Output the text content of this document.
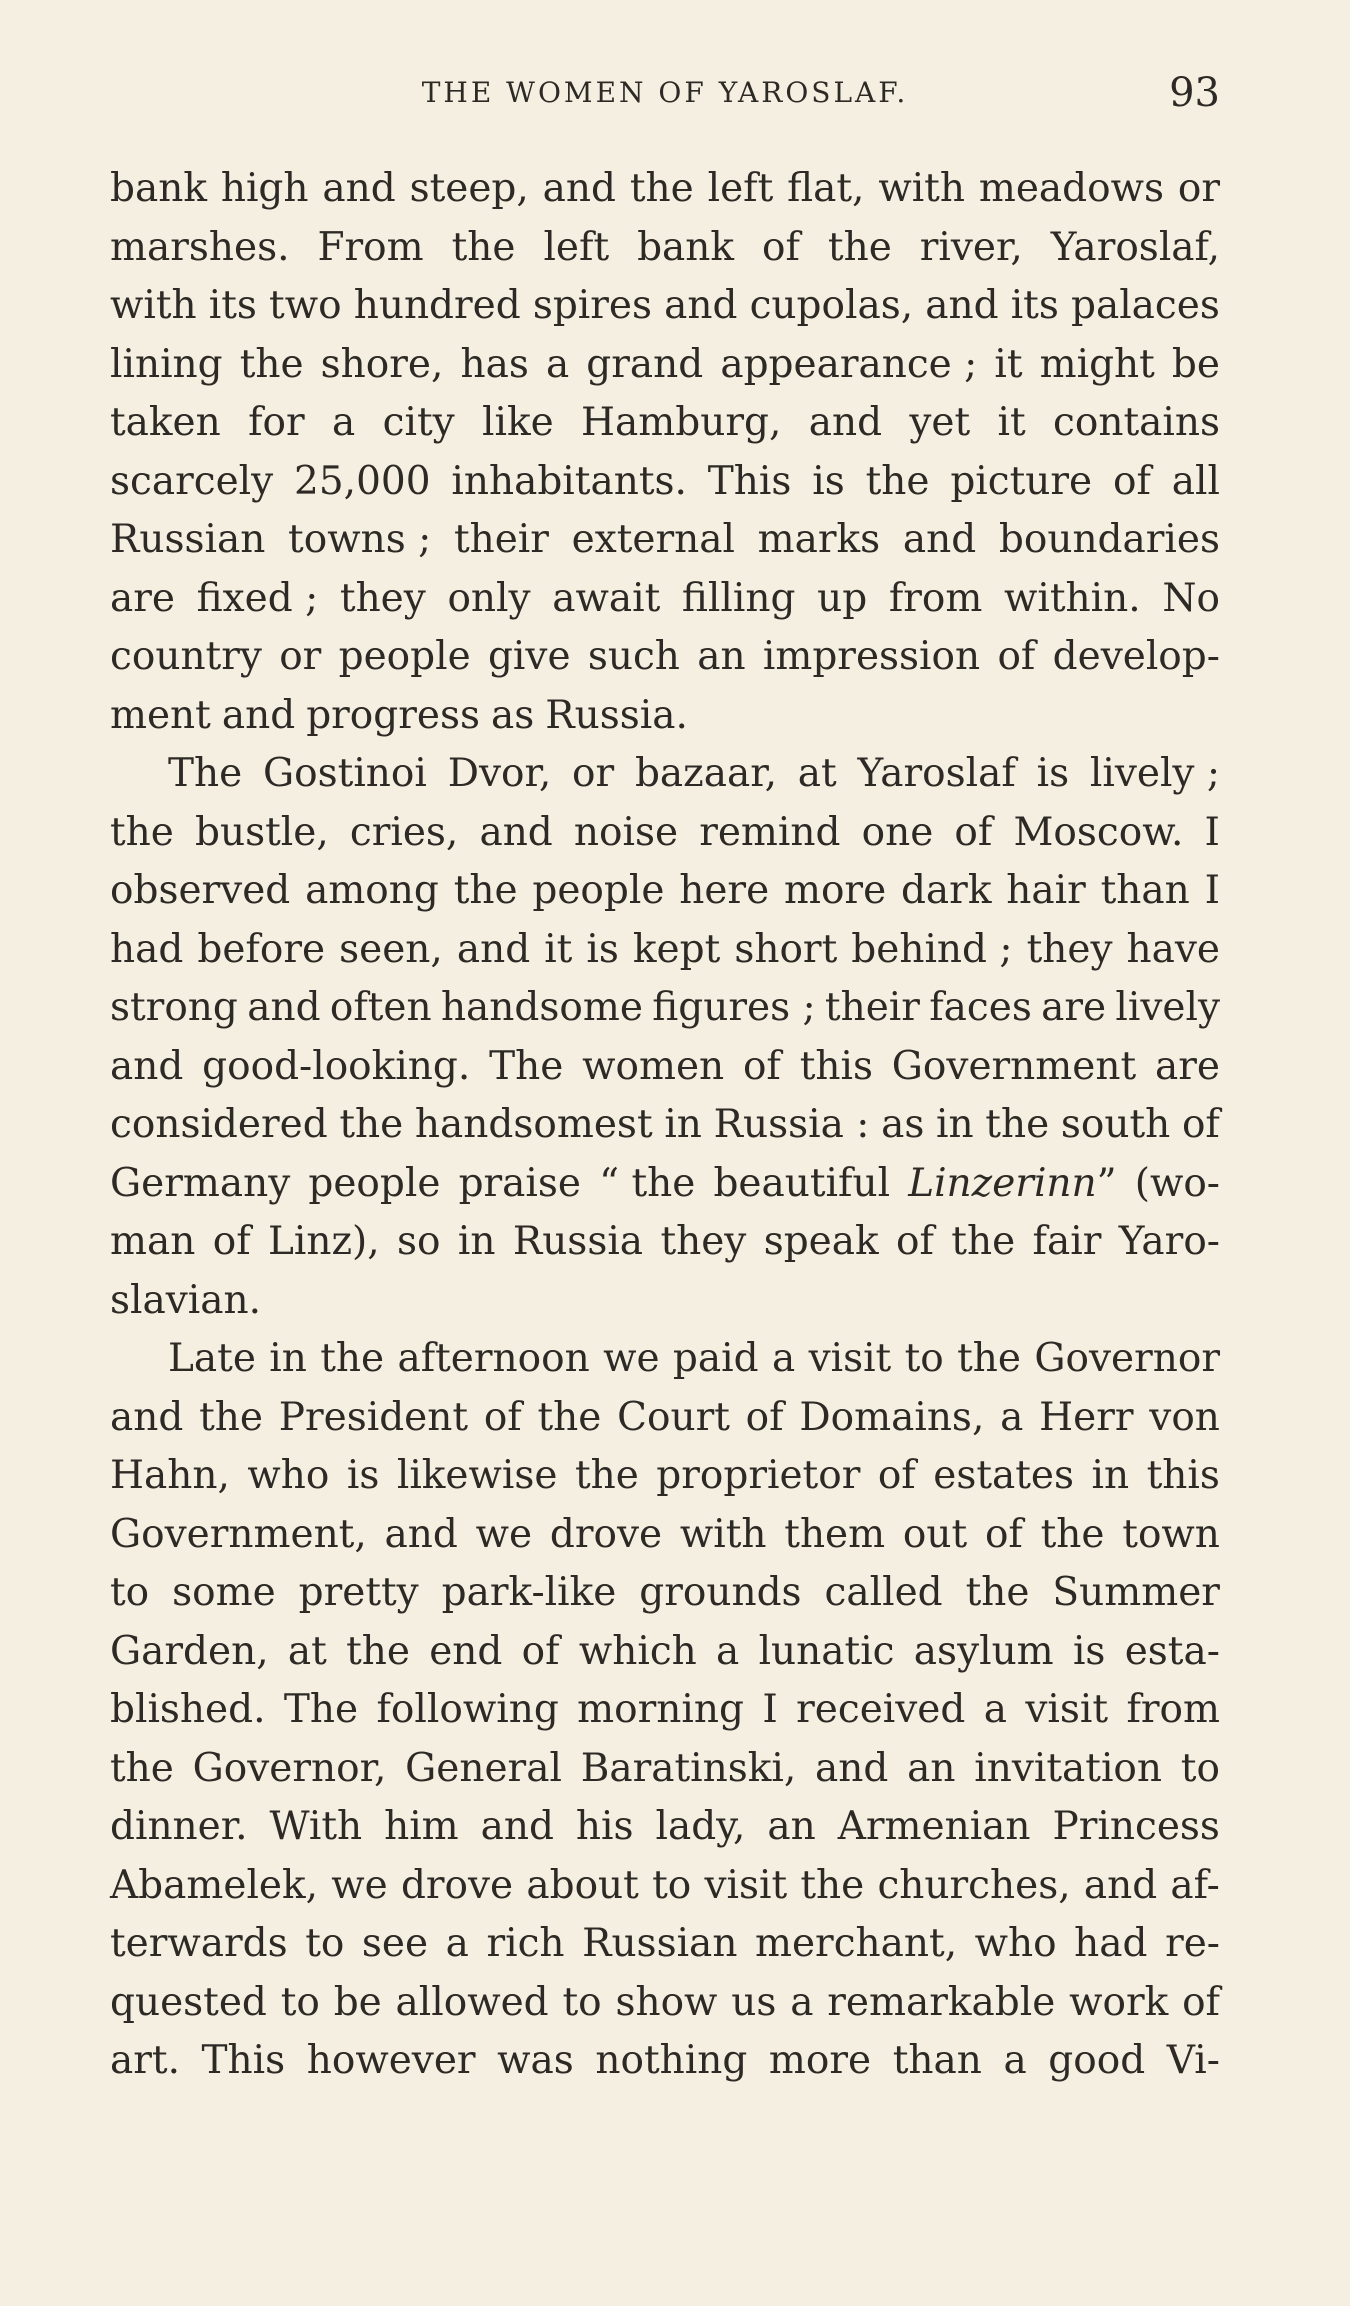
THE WOMEN OF YAROSLAF.	93
bank high and steep, and the left flat, with meadows or
marshes. From the left bank of the river, Yaroslaf,
with its two hundred spires and cupolas, and its palaces
lining the shore, has a grand appearance ; it might be
taken for a city like Hamburg, and yet it contains
scarcely 25,000 inhabitants. This is the picture of all
Russian towns ; their external marks and boundaries
are fixed ; they only await filling up from within. No
country or people give such an impression of develop-
ment and progress as Russia.
The Gostinoi Dvor, or bazaar, at Yaroslaf is lively ;
the bustle, cries, and noise remind one of Moscow. I
observed among the people here more dark hair than I
had before seen, and it is kept short behind ; they have
strong and often handsome figures ; their faces are lively
and good-looking. The women of this Government are
considered the handsomest in Russia : as in the south of
Germany people praise “ the beautiful Linzerinn” (wo-
man of Linz), so in Russia they speak of the fair Yaro-
slavian.
Late in the afternoon we paid a visit to the Governor
and the President of the Court of Domains, a Herr von
Hahn, who is likewise the proprietor of estates in this
Government, and we drove with them out of the town
to some pretty park-like grounds called the Summer
Garden, at the end of which a lunatic asylum is esta-
blished. The following morning I received a visit from
the Governor, General Baratinski, and an invitation to
dinner. With him and his lady, an Armenian Princess
Abamelek, we drove about to visit the churches, and af-
terwards to see a rich Russian merchant, who had re-
quested to be allowed to show us a remarkable work of
art. This however was nothing more than a good Vi-
